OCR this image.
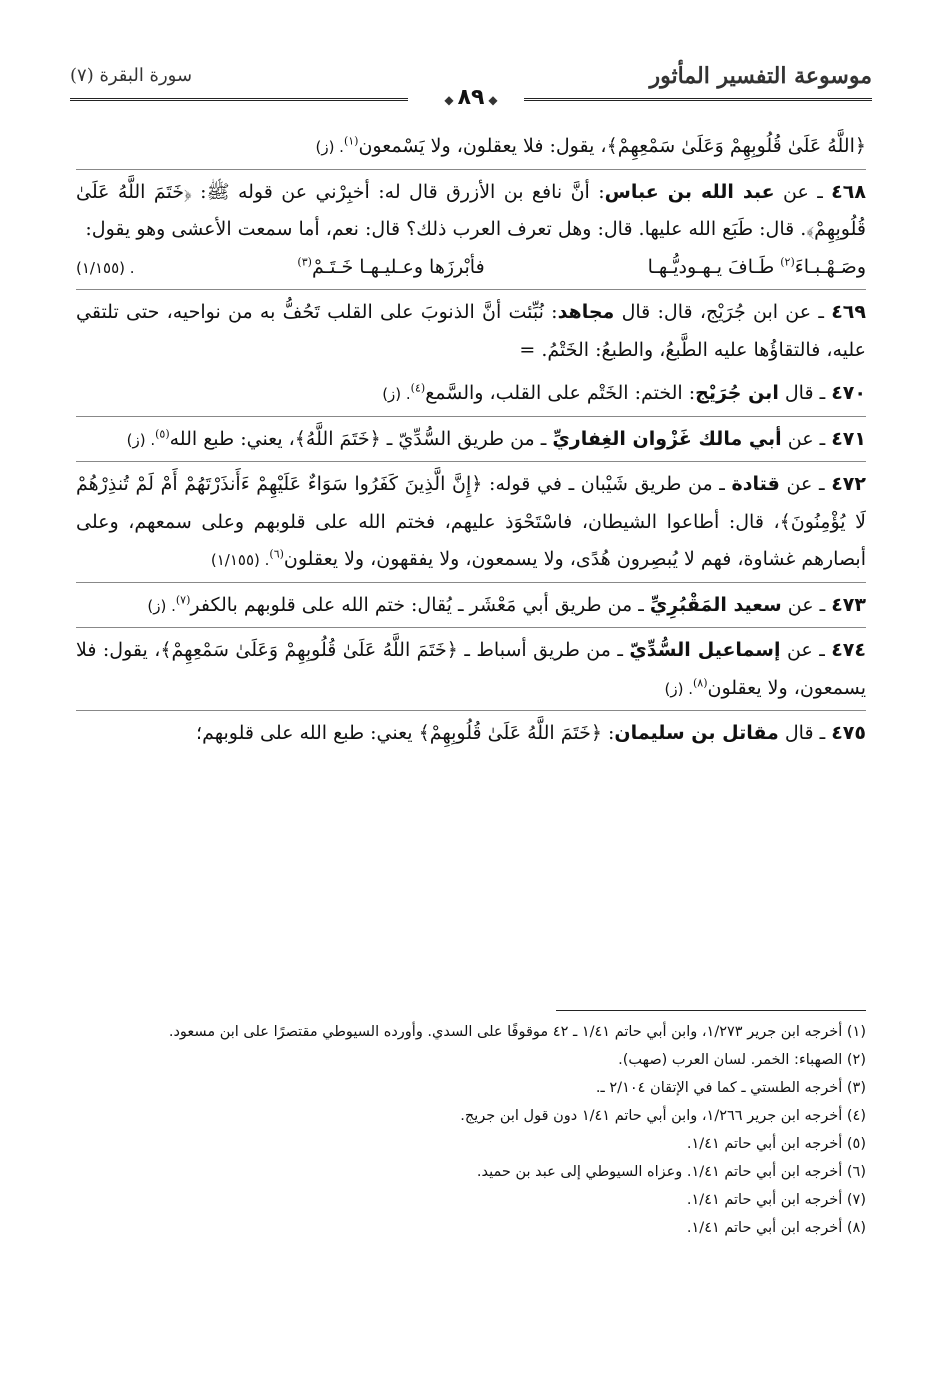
موسوعة التفسير المأثور
سورة البقرة (٧)
◆٨٩◆

﴿اللَّهُ عَلَىٰ قُلُوبِهِمْ وَعَلَىٰ سَمْعِهِمْ﴾، يقول: فلا يعقلون، ولا يَسْمعون$^{(١)}$. (ز)

٤٦٨ ـ عن عبد الله بن عباس: أنَّ نافع بن الأزرق قال له: أخبِرْني عن قوله ﷺ: ﴿خَتَمَ اللَّهُ عَلَىٰ قُلُوبِهِمْ﴾. قال: طَبَع الله عليها. قال: وهل تعرف العرب ذلك؟ قال: نعم، أما سمعت الأعشى وهو يقول:

وصَـهْـبـاءَ$^{(٢)}$ طَـافَ يـهـوديُّـهـا
فأبْرزَها وعـليـهـا خَـتَـمْ$^{(٣)}$
. (١/١٥٥)

٤٦٩ ـ عن ابن جُرَيْج، قال: قال مجاهد: نُبِّئت أنَّ الذنوبَ على القلب تَحُفُّ به من نواحيه، حتى تلتقي عليه، فالتقاؤُها عليه الطَّبعُ، والطبعُ: الخَتْمُ. =

٤٧٠ ـ قال ابن جُرَيْج: الختم: الخَتْم على القلب، والسَّمع$^{(٤)}$. (ز)

٤٧١ ـ عن أبي مالك غَزْوان الغِفاريِّ ـ من طريق السُّدِّيّ ـ ﴿خَتَمَ اللَّهُ﴾، يعني: طبع الله$^{(٥)}$. (ز)

٤٧٢ ـ عن قتادة ـ من طريق شَيْبان ـ في قوله: ﴿إِنَّ الَّذِينَ كَفَرُوا سَوَاءٌ عَلَيْهِمْ ءَأَنذَرْتَهُمْ أَمْ لَمْ تُنذِرْهُمْ لَا يُؤْمِنُونَ﴾، قال: أطاعوا الشيطان، فاسْتَحْوَذ عليهم، فختم الله على قلوبهم وعلى سمعهم، وعلى أبصارهم غشاوة، فهم لا يُبصِرون هُدًى، ولا يسمعون، ولا يفقهون، ولا يعقلون$^{(٦)}$. (١/١٥٥)

٤٧٣ ـ عن سعيد المَقْبُرِيِّ ـ من طريق أبي مَعْشَر ـ يُقال: ختم الله على قلوبهم بالكفر$^{(٧)}$. (ز)

٤٧٤ ـ عن إسماعيل السُّدِّيّ ـ من طريق أسباط ـ ﴿خَتَمَ اللَّهُ عَلَىٰ قُلُوبِهِمْ وَعَلَىٰ سَمْعِهِمْ﴾، يقول: فلا يسمعون، ولا يعقلون$^{(٨)}$. (ز)

٤٧٥ ـ قال مقاتل بن سليمان: ﴿خَتَمَ اللَّهُ عَلَىٰ قُلُوبِهِمْ﴾ يعني: طبع الله على قلوبهم؛

(١) أخرجه ابن جرير ١/٢٧٣، وابن أبي حاتم ١/٤١ ـ ٤٢ موقوفًا على السدي. وأورده السيوطي مقتصرًا على ابن مسعود.

(٢) الصهباء: الخمر. لسان العرب (صهب).

(٣) أخرجه الطستي ـ كما في الإتقان ٢/١٠٤ ـ.

(٤) أخرجه ابن جرير ١/٢٦٦، وابن أبي حاتم ١/٤١ دون قول ابن جريج.

(٥) أخرجه ابن أبي حاتم ١/٤١.

(٦) أخرجه ابن أبي حاتم ١/٤١. وعزاه السيوطي إلى عبد بن حميد.

(٧) أخرجه ابن أبي حاتم ١/٤١.

(٨) أخرجه ابن أبي حاتم ١/٤١.
